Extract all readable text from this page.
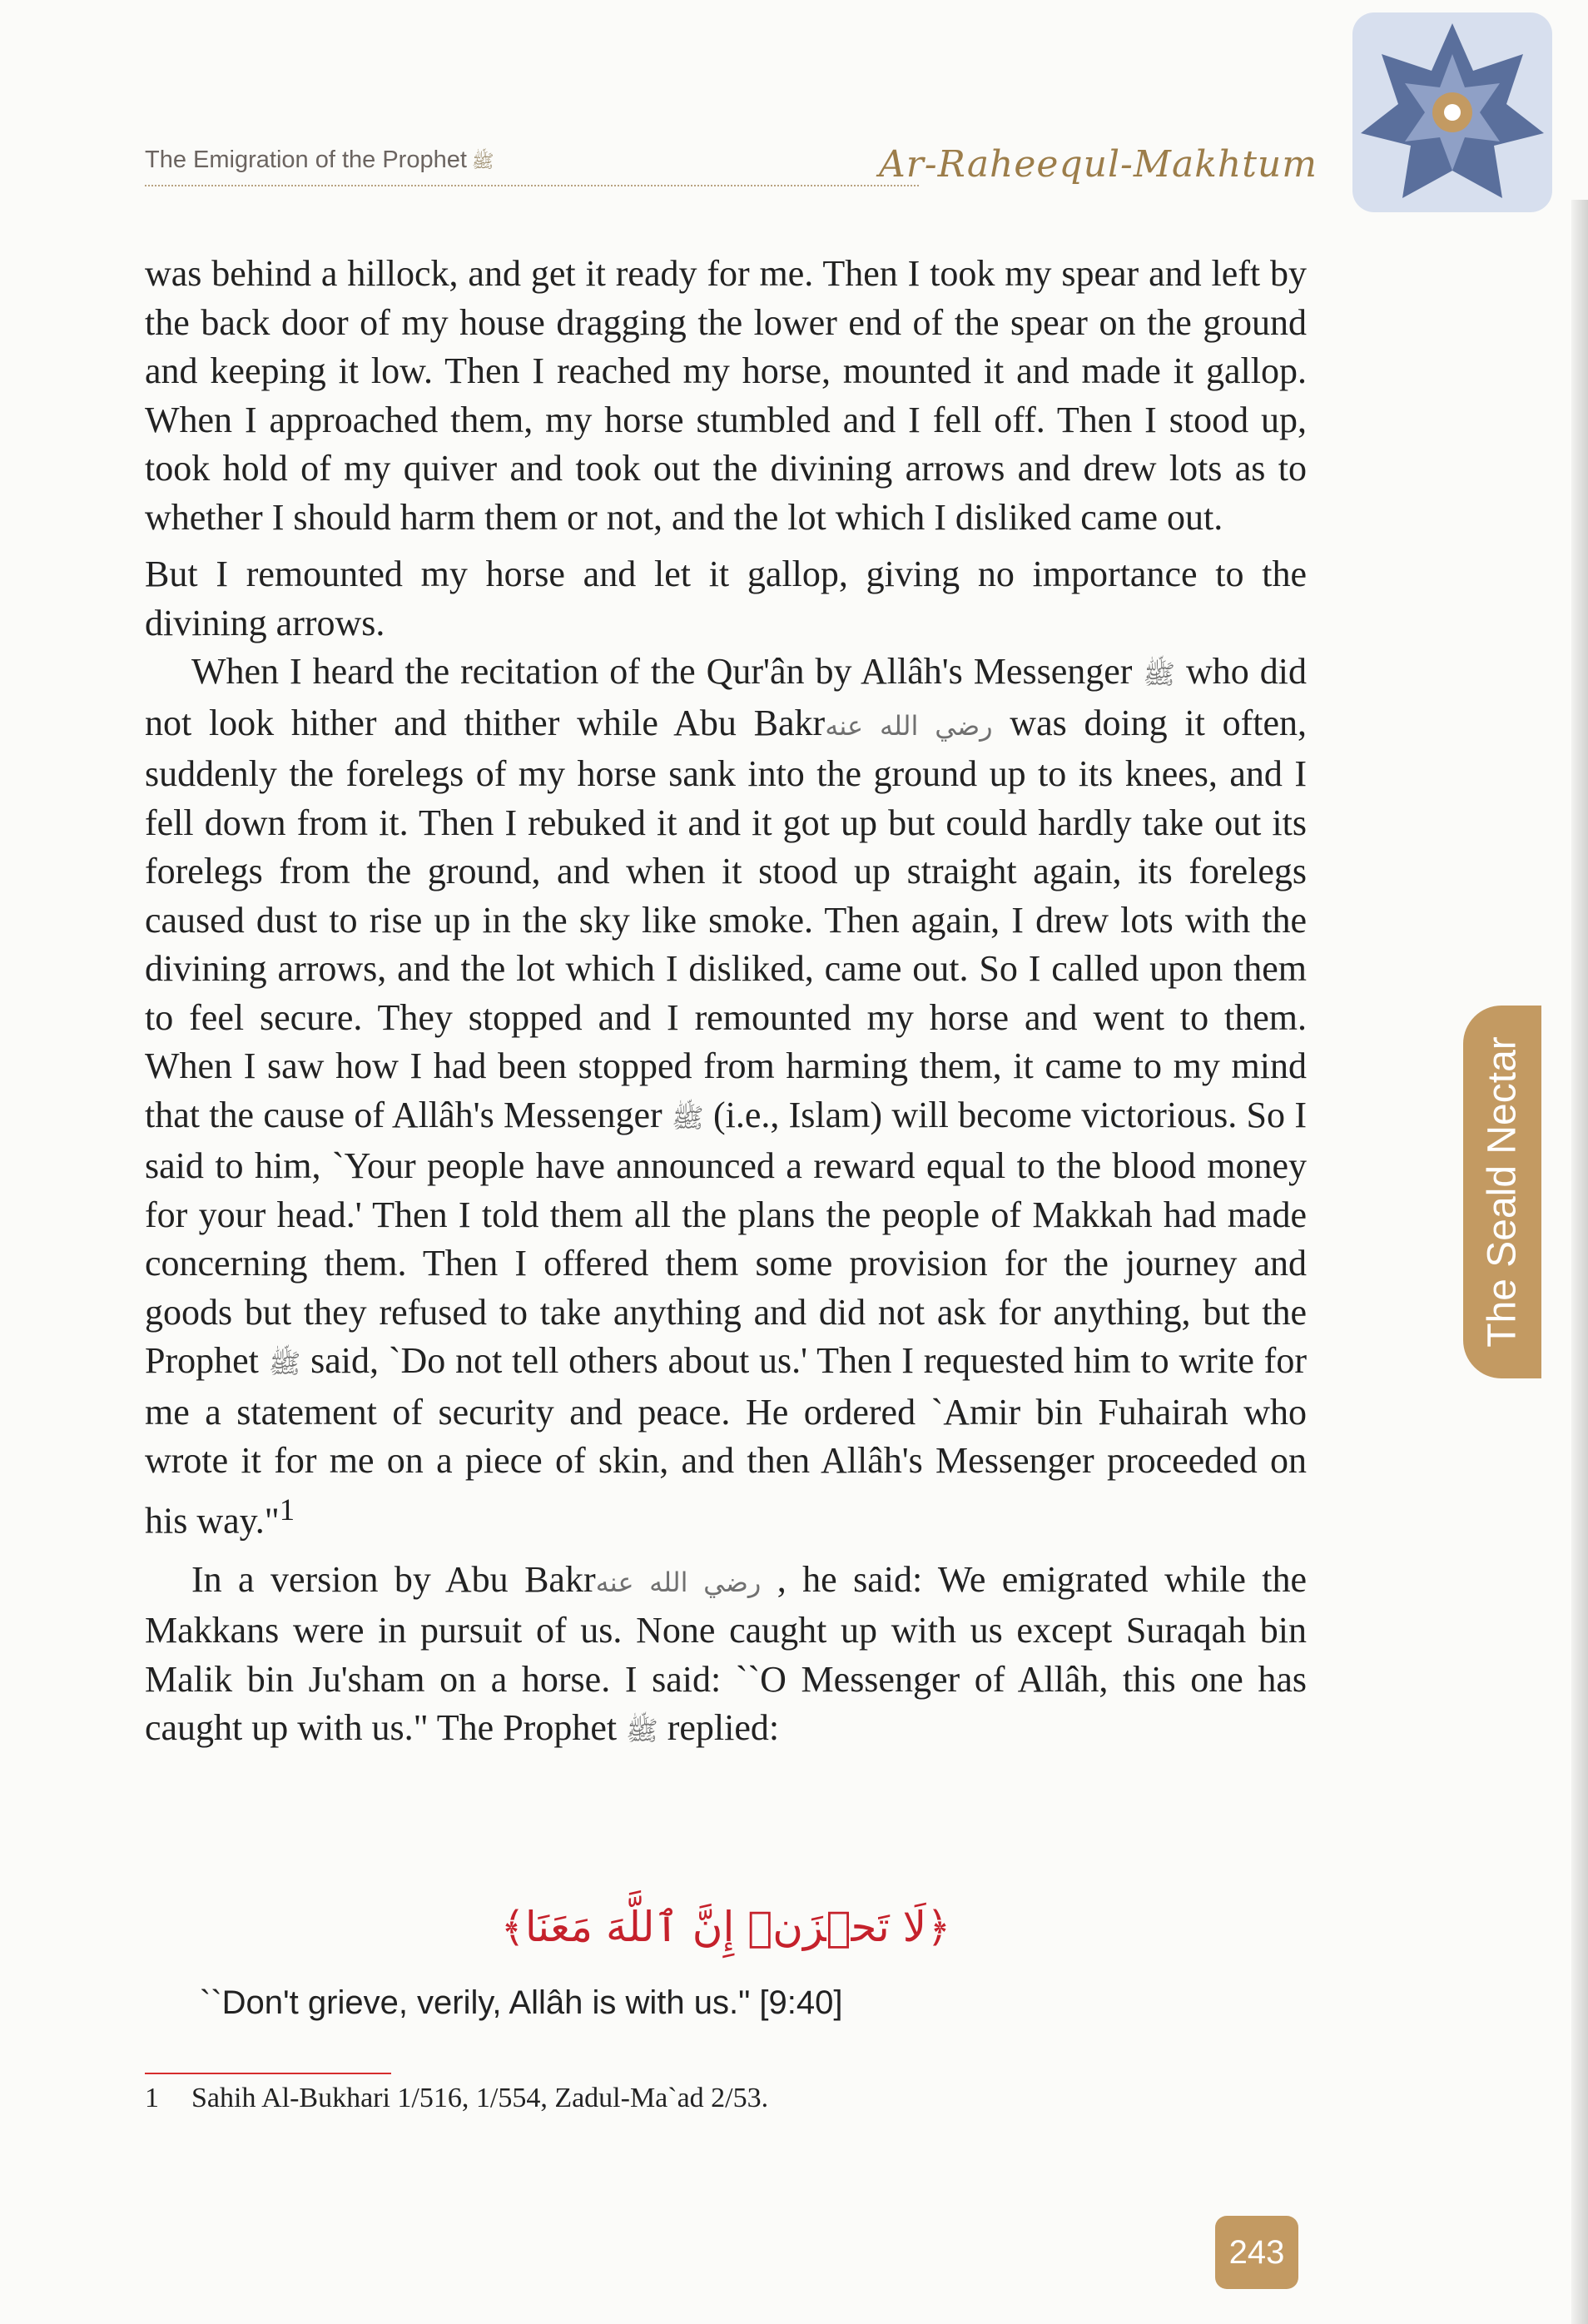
The Emigration of the Prophet ﷺ	Ar-Raheequl-Makhtum

was behind a hillock, and get it ready for me. Then I took my spear and left by the back door of my house dragging the lower end of the spear on the ground and keeping it low. Then I reached my horse, mounted it and made it gallop. When I approached them, my horse stumbled and I fell off. Then I stood up, took hold of my quiver and took out the divining arrows and drew lots as to whether I should harm them or not, and the lot which I disliked came out.

But I remounted my horse and let it gallop, giving no importance to the divining arrows.

When I heard the recitation of the Qur'ân by Allâh's Messenger ﷺ who did not look hither and thither while Abu Bakrرضي الله عنه was doing it often, suddenly the forelegs of my horse sank into the ground up to its knees, and I fell down from it. Then I rebuked it and it got up but could hardly take out its forelegs from the ground, and when it stood up straight again, its forelegs caused dust to rise up in the sky like smoke. Then again, I drew lots with the divining arrows, and the lot which I disliked, came out. So I called upon them to feel secure. They stopped and I remounted my horse and went to them. When I saw how I had been stopped from harming them, it came to my mind that the cause of Allâh's Messenger ﷺ (i.e., Islam) will become victorious. So I said to him, `Your people have announced a reward equal to the blood money for your head.' Then I told them all the plans the people of Makkah had made concerning them. Then I offered them some provision for the journey and goods but they refused to take anything and did not ask for anything, but the Prophet ﷺ said, `Do not tell others about us.' Then I requested him to write for me a statement of security and peace. He ordered `Amir bin Fuhairah who wrote it for me on a piece of skin, and then Allâh's Messenger proceeded on his way."$^1$

In a version by Abu Bakrرضي الله عنه , he said: We emigrated while the Makkans were in pursuit of us. None caught up with us except Suraqah bin Malik bin Ju'sham on a horse. I said: ``O Messenger of Allâh, this one has caught up with us." The Prophet ﷺ replied:

﴿لَا تَحۡزَنۡ إِنَّ ٱللَّهَ مَعَنَا﴾
``Don't grieve, verily, Allâh is with us." [9:40]
1 Sahih Al-Bukhari 1/516, 1/554, Zadul-Ma`ad 2/53.
The Seald Nectar
243
